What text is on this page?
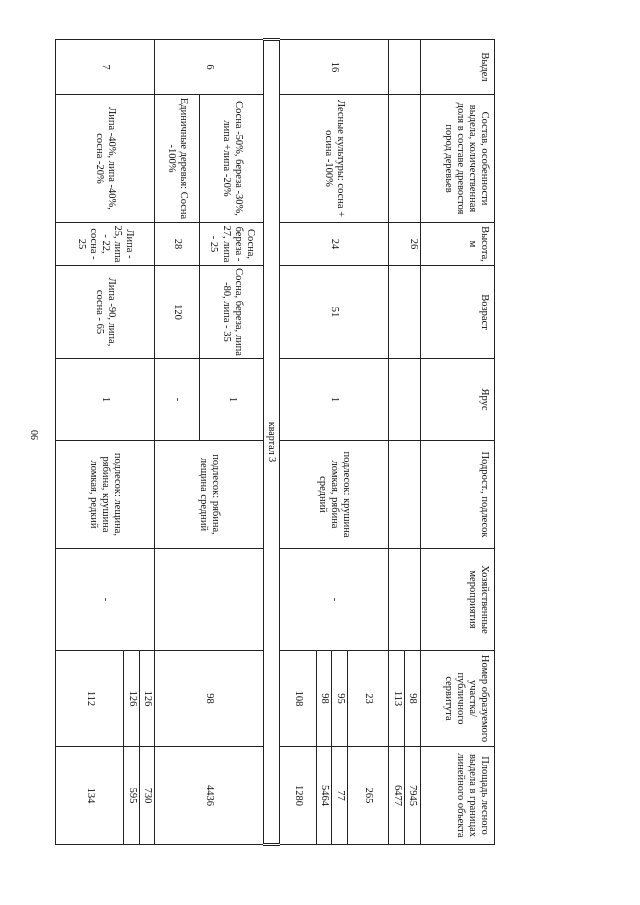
90
Выдел	Состав, особенности выдела, количественная доля в составе древостоя пород деревьев	Высота, м	Возраст	Ярус	Подрост., подлесок	Хозяйственные мероприятия	Номер образуемого участка/ публичного сервитута	Площадь лесного выдела в границах линейного объекта
		26					98	7945
							113	6477
16	Лесные культуры: сосна + осина -100%	24	51	1	подлесок: крушина ломкая, рябина средний	-	23	265
							95	77
							98	5464
							108	1280
квартал 3								
6	Сосна -50%, береза -30%, липа +липа -20%	Сосна, береза - 27, липа - 25	Сосна, береза, липа -80, липа - 35	1	подлесок: рябина, лещина средний		98	4436
	Единичные деревья: Сосна -100%	28	120	-				
7	Липа -40%, липа -40%, сосна -20%	Липа - 25, липа - 22, сосна - 25	Липа -90, липа, сосна - 65	1	подлесок: лещина, рябина, крушина ломкая, редкий	-	126	730
							126	595
							112	134
